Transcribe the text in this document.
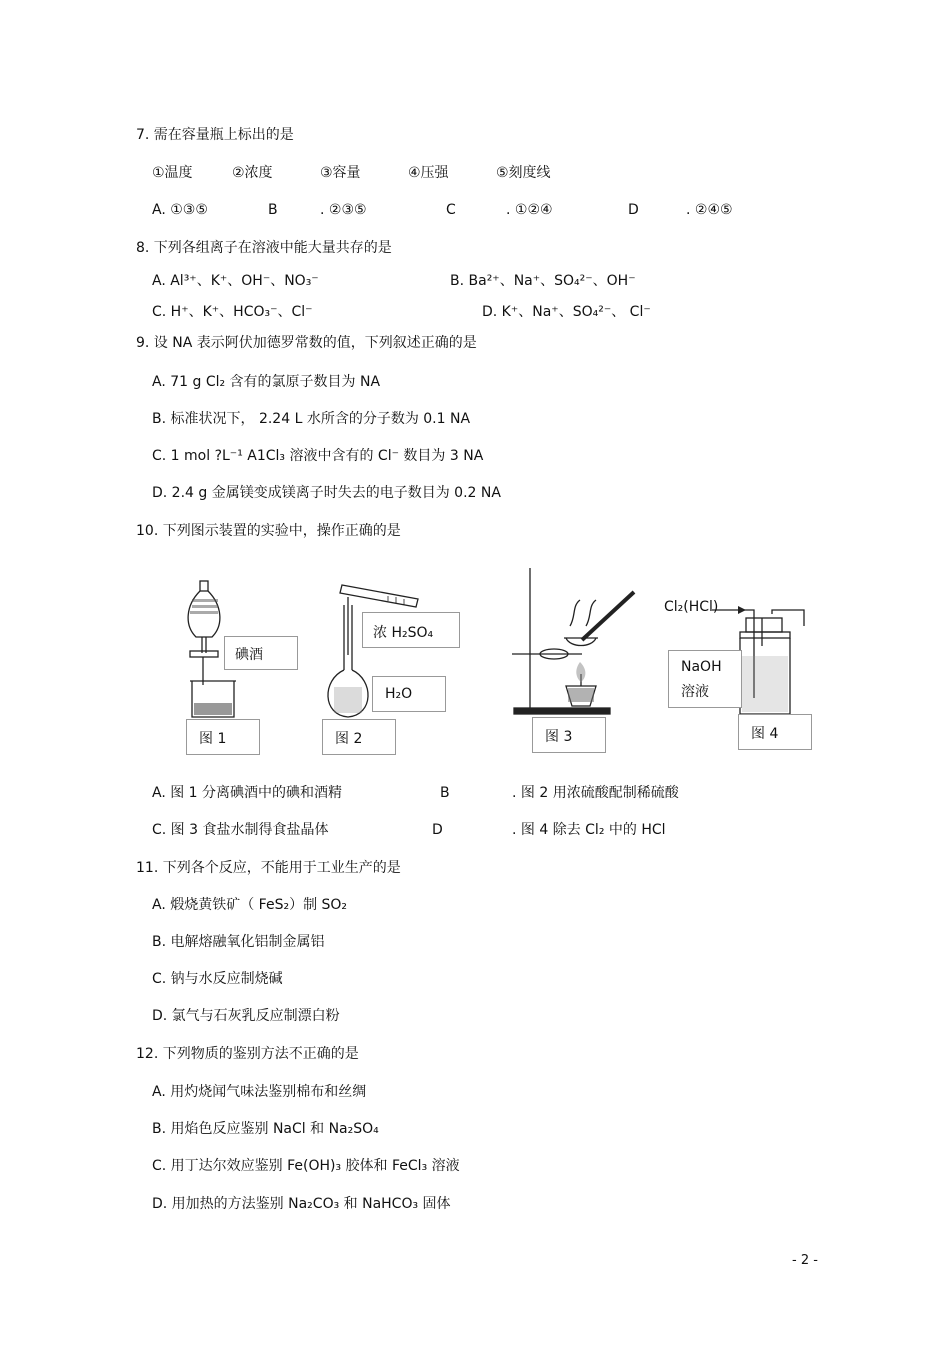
7. 需在容量瓶上标出的是
①温度	②浓度	③容量	④压强	⑤刻度线
A. ①③⑤	B	. ②③⑤	C	. ①②④	D	. ②④⑤
8. 下列各组离子在溶液中能大量共存的是
A. Al³⁺、K⁺、OH⁻、NO₃⁻	B. Ba²⁺、Na⁺、SO₄²⁻、OH⁻
C. H⁺、K⁺、HCO₃⁻、Cl⁻	D. K⁺、Na⁺、SO₄²⁻、 Cl⁻
9. 设 NA 表示阿伏加德罗常数的值，下列叙述正确的是
A. 71 g Cl₂ 含有的氯原子数目为 NA
B. 标准状况下， 2.24 L 水所含的分子数为 0.1 NA
C. 1 mol ?L⁻¹ A1Cl₃ 溶液中含有的 Cl⁻ 数目为 3 NA
D. 2.4 g 金属镁变成镁离子时失去的电子数目为 0.2 NA
10. 下列图示装置的实验中，操作正确的是
碘酒
图 1
浓 H₂SO₄
H₂O
图 2	图 3
Cl₂(HCl)
NaOH
溶液
图 4
A. 图 1 分离碘酒中的碘和酒精	B	. 图 2 用浓硫酸配制稀硫酸
C. 图 3 食盐水制得食盐晶体	D	. 图 4 除去 Cl₂ 中的 HCl
11. 下列各个反应，不能用于工业生产的是
A. 煅烧黄铁矿（ FeS₂）制 SO₂
B. 电解熔融氧化铝制金属铝
C. 钠与水反应制烧碱
D. 氯气与石灰乳反应制漂白粉
12. 下列物质的鉴别方法不正确的是
A. 用灼烧闻气味法鉴别棉布和丝绸
B. 用焰色反应鉴别 NaCl 和 Na₂SO₄
C. 用丁达尔效应鉴别 Fe(OH)₃ 胶体和 FeCl₃ 溶液
D. 用加热的方法鉴别 Na₂CO₃ 和 NaHCO₃ 固体
- 2 -
